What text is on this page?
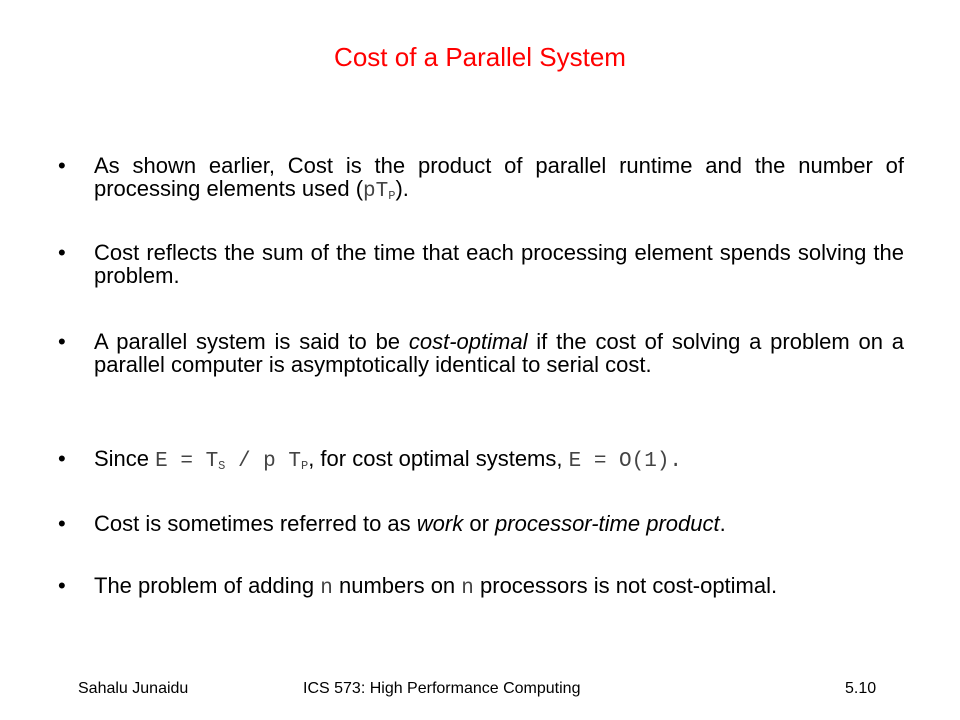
Cost of a Parallel System
• As shown earlier, Cost is the product of parallel runtime and the number of processing elements used $(pT_P)$.
• Cost reflects the sum of the time that each processing element spends solving the problem.
• A parallel system is said to be cost-optimal if the cost of solving a problem on a parallel computer is asymptotically identical to serial cost.
• Since $E = T_S / p$ $T_P$, for cost optimal systems, E = O(1).
• Cost is sometimes referred to as work or processor-time product.
• The problem of adding n numbers on n processors is not cost-optimal.
Sahalu Junaidu	ICS 573: High Performance Computing	5.10
